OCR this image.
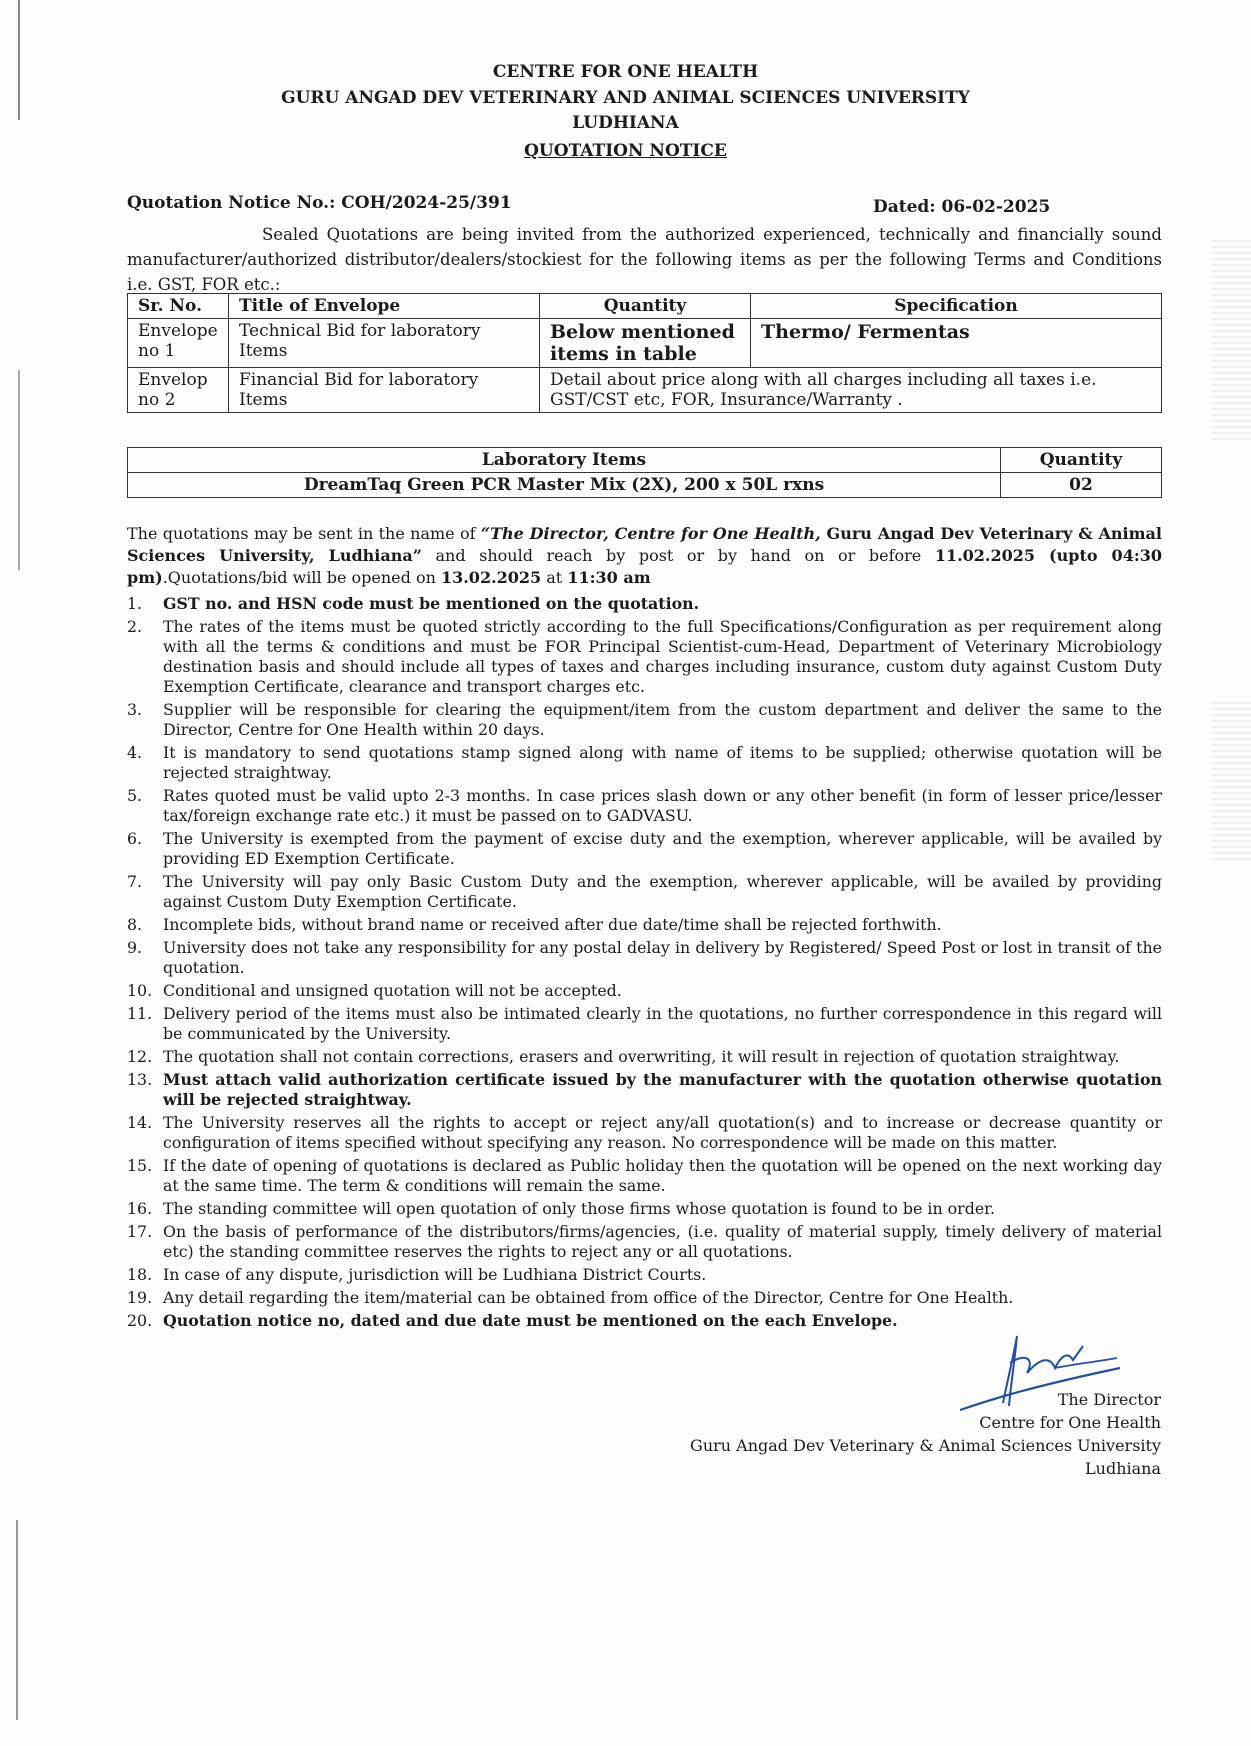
CENTRE FOR ONE HEALTH
GURU ANGAD DEV VETERINARY AND ANIMAL SCIENCES UNIVERSITY
LUDHIANA
QUOTATION NOTICE
Quotation Notice No.: COH/2024-25/391	Dated: 06-02-2025
Sealed Quotations are being invited from the authorized experienced, technically and financially sound manufacturer/authorized distributor/dealers/stockiest for the following items as per the following Terms and Conditions i.e. GST, FOR etc.:
Sr. No.	Title of Envelope	Quantity	Specification
Envelope no 1	Technical Bid for laboratory Items	Below mentioned items in table	Thermo/ Fermentas
Envelop no 2	Financial Bid for laboratory Items	Detail about price along with all charges including all taxes i.e. GST/CST etc, FOR, Insurance/Warranty .	
Laboratory Items	Quantity
DreamTaq Green PCR Master Mix (2X), 200 x 50L rxns	02
The quotations may be sent in the name of “The Director, Centre for One Health, Guru Angad Dev Veterinary & Animal Sciences University, Ludhiana” and should reach by post or by hand on or before 11.02.2025 (upto 04:30 pm).Quotations/bid will be opened on 13.02.2025 at 11:30 am
1. GST no. and HSN code must be mentioned on the quotation.
2. The rates of the items must be quoted strictly according to the full Specifications/Configuration as per requirement along with all the terms & conditions and must be FOR Principal Scientist-cum-Head, Department of Veterinary Microbiology destination basis and should include all types of taxes and charges including insurance, custom duty against Custom Duty Exemption Certificate, clearance and transport charges etc.
3. Supplier will be responsible for clearing the equipment/item from the custom department and deliver the same to the Director, Centre for One Health within 20 days.
4. It is mandatory to send quotations stamp signed along with name of items to be supplied; otherwise quotation will be rejected straightway.
5. Rates quoted must be valid upto 2-3 months. In case prices slash down or any other benefit (in form of lesser price/lesser tax/foreign exchange rate etc.) it must be passed on to GADVASU.
6. The University is exempted from the payment of excise duty and the exemption, wherever applicable, will be availed by providing ED Exemption Certificate.
7. The University will pay only Basic Custom Duty and the exemption, wherever applicable, will be availed by providing against Custom Duty Exemption Certificate.
8. Incomplete bids, without brand name or received after due date/time shall be rejected forthwith.
9. University does not take any responsibility for any postal delay in delivery by Registered/ Speed Post or lost in transit of the quotation.
10. Conditional and unsigned quotation will not be accepted.
11. Delivery period of the items must also be intimated clearly in the quotations, no further correspondence in this regard will be communicated by the University.
12. The quotation shall not contain corrections, erasers and overwriting, it will result in rejection of quotation straightway.
13. Must attach valid authorization certificate issued by the manufacturer with the quotation otherwise quotation will be rejected straightway.
14. The University reserves all the rights to accept or reject any/all quotation(s) and to increase or decrease quantity or configuration of items specified without specifying any reason. No correspondence will be made on this matter.
15. If the date of opening of quotations is declared as Public holiday then the quotation will be opened on the next working day at the same time. The term & conditions will remain the same.
16. The standing committee will open quotation of only those firms whose quotation is found to be in order.
17. On the basis of performance of the distributors/firms/agencies, (i.e. quality of material supply, timely delivery of material etc) the standing committee reserves the rights to reject any or all quotations.
18. In case of any dispute, jurisdiction will be Ludhiana District Courts.
19. Any detail regarding the item/material can be obtained from office of the Director, Centre for One Health.
20. Quotation notice no, dated and due date must be mentioned on the each Envelope.
The Director
Centre for One Health
Guru Angad Dev Veterinary & Animal Sciences University
Ludhiana
